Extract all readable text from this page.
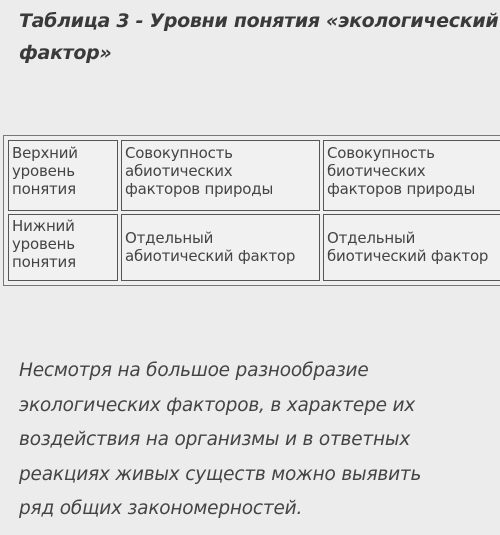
Таблица 3 - Уровни понятия «экологический
фактор»
Верхний
уровень
понятия
Совокупность
абиотических
факторов природы
Совокупность
биотических
факторов природы
Нижний
уровень
понятия
Отдельный
абиотический фактор
Отдельный
биотический фактор
Несмотря на большое разнообразие
экологических факторов, в характере их
воздействия на организмы и в ответных
реакциях живых существ можно выявить
ряд общих закономерностей.
